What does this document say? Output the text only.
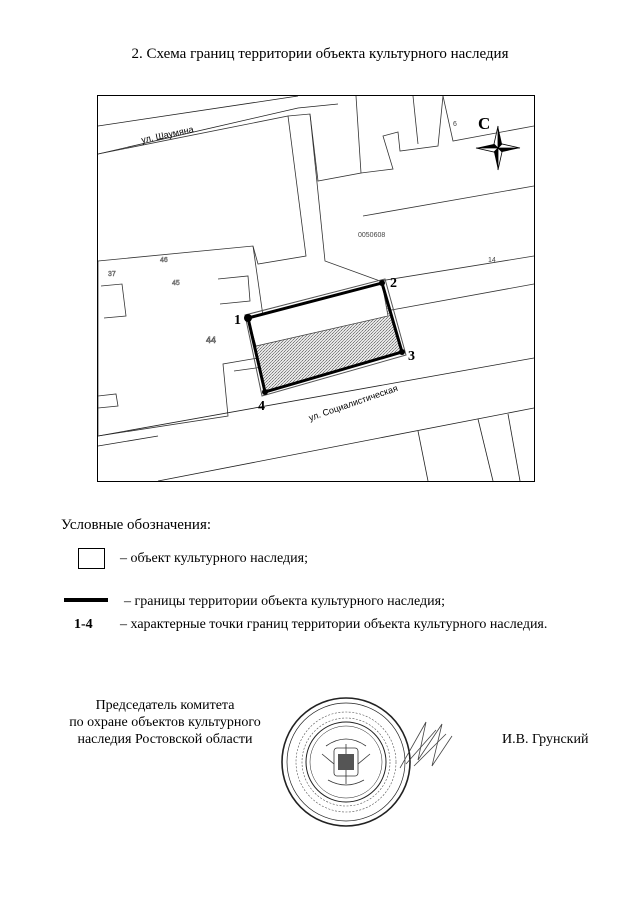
2. Схема границ территории объекта культурного наследия
1
2
3
4
ул. Шаумяна
ул. Социалистическая
0050608
14
6
44
46
37
45
С
Условные обозначения:
– объект культурного наследия;
– границы территории объекта культурного наследия;
1-4 – характерные точки границ территории объекта культурного наследия.
Председатель комитета
по охране объектов культурного
наследия Ростовской области	И.В. Грунский
